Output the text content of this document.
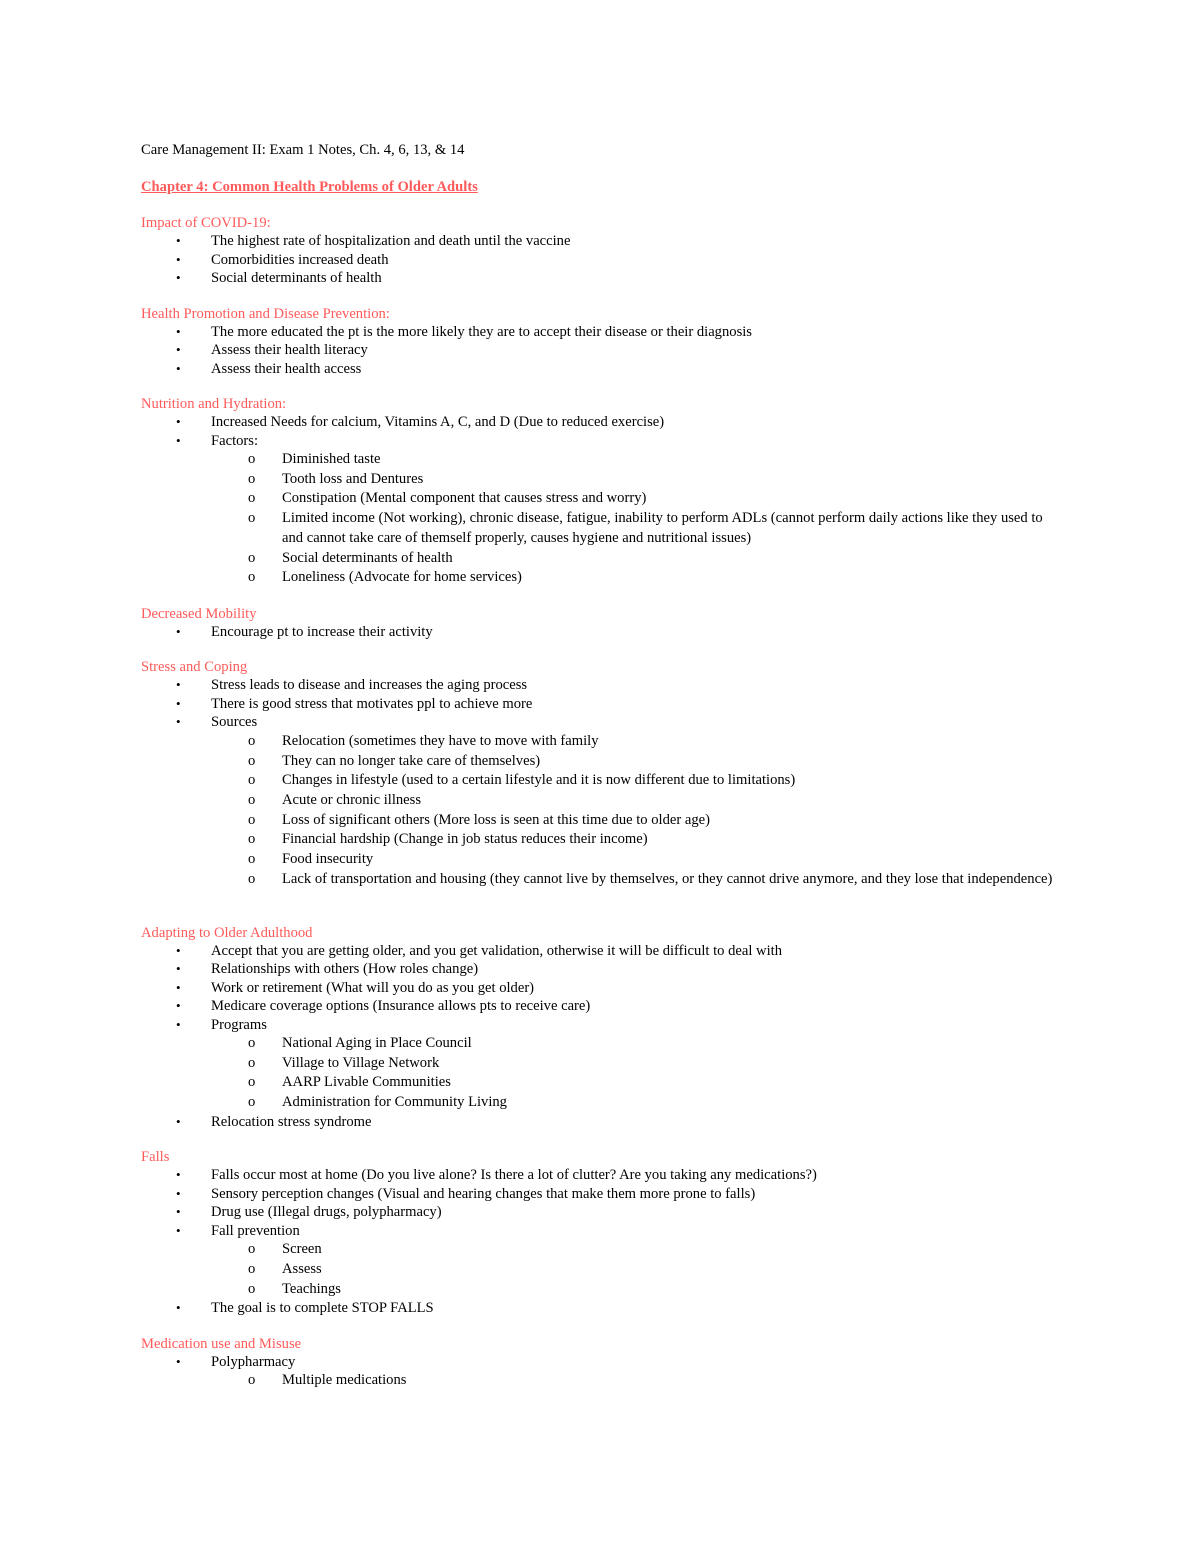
Care Management II: Exam 1 Notes, Ch. 4, 6, 13, & 14
Chapter 4: Common Health Problems of Older Adults
Impact of COVID-19:
• The highest rate of hospitalization and death until the vaccine
• Comorbidities increased death
• Social determinants of health
Health Promotion and Disease Prevention:
• The more educated the pt is the more likely they are to accept their disease or their diagnosis
• Assess their health literacy
• Assess their health access
Nutrition and Hydration:
• Increased Needs for calcium, Vitamins A, C, and D (Due to reduced exercise)
• Factors:
o Diminished taste
o Tooth loss and Dentures
o Constipation (Mental component that causes stress and worry)
o Limited income (Not working), chronic disease, fatigue, inability to perform ADLs (cannot perform daily actions like they used to and cannot take care of themself properly, causes hygiene and nutritional issues)
o Social determinants of health
o Loneliness (Advocate for home services)
Decreased Mobility
• Encourage pt to increase their activity
Stress and Coping
• Stress leads to disease and increases the aging process
• There is good stress that motivates ppl to achieve more
• Sources
o Relocation (sometimes they have to move with family
o They can no longer take care of themselves)
o Changes in lifestyle (used to a certain lifestyle and it is now different due to limitations)
o Acute or chronic illness
o Loss of significant others (More loss is seen at this time due to older age)
o Financial hardship (Change in job status reduces their income)
o Food insecurity
o Lack of transportation and housing (they cannot live by themselves, or they cannot drive anymore, and they lose that independence)
Adapting to Older Adulthood
• Accept that you are getting older, and you get validation, otherwise it will be difficult to deal with
• Relationships with others (How roles change)
• Work or retirement (What will you do as you get older)
• Medicare coverage options (Insurance allows pts to receive care)
• Programs
o National Aging in Place Council
o Village to Village Network
o AARP Livable Communities
o Administration for Community Living
• Relocation stress syndrome
Falls
• Falls occur most at home (Do you live alone? Is there a lot of clutter? Are you taking any medications?)
• Sensory perception changes (Visual and hearing changes that make them more prone to falls)
• Drug use (Illegal drugs, polypharmacy)
• Fall prevention
o Screen
o Assess
o Teachings
• The goal is to complete STOP FALLS
Medication use and Misuse
• Polypharmacy
o Multiple medications
